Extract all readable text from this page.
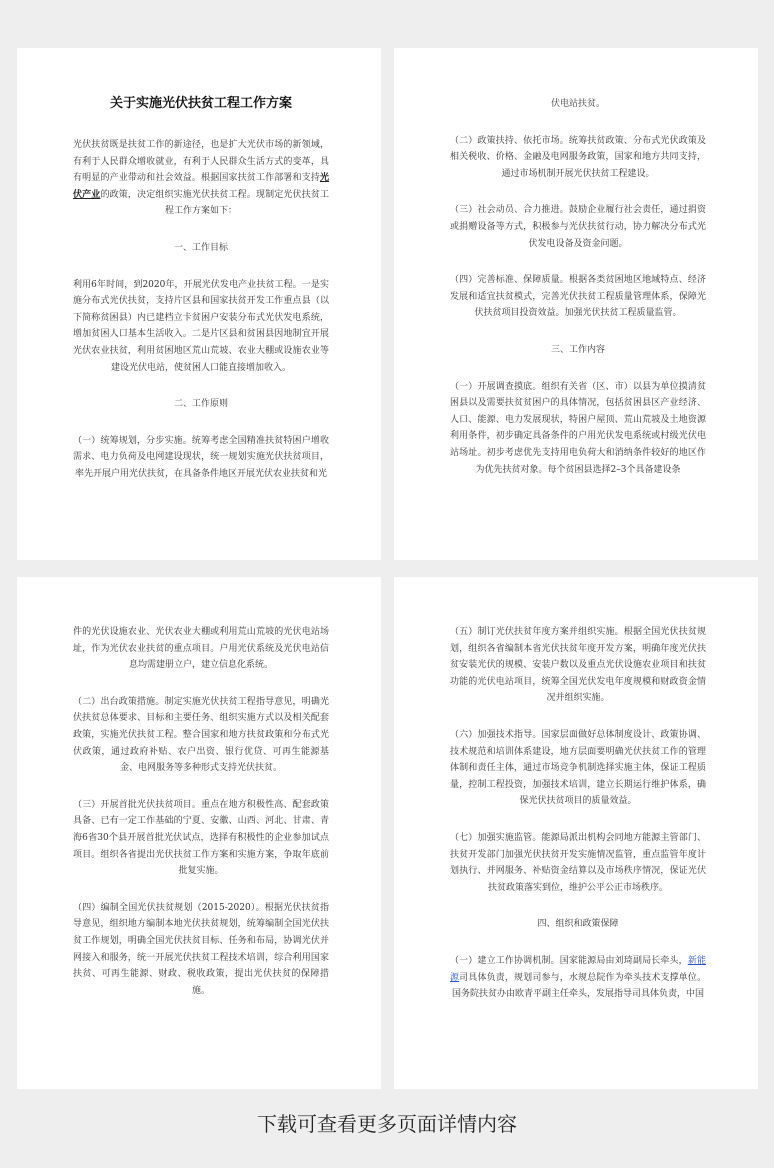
关于实施光伏扶贫工程工作方案
光伏扶贫既是扶贫工作的新途径，也是扩大光伏市场的新领域，有利于人民群众增收就业，有利于人民群众生活方式的变革，具有明显的产业带动和社会效益。根据国家扶贫工作部署和支持光伏产业的政策，决定组织实施光伏扶贫工程。现制定光伏扶贫工程工作方案如下：
一、工作目标
利用6年时间，到2020年，开展光伏发电产业扶贫工程。一是实施分布式光伏扶贫，支持片区县和国家扶贫开发工作重点县（以下简称贫困县）内已建档立卡贫困户安装分布式光伏发电系统，增加贫困人口基本生活收入。二是片区县和贫困县因地制宜开展光伏农业扶贫，利用贫困地区荒山荒坡、农业大棚或设施农业等建设光伏电站，使贫困人口能直接增加收入。
二、工作原则
（一）统筹规划，分步实施。统筹考虑全国精准扶贫特困户增收需求、电力负荷及电网建设现状，统一规划实施光伏扶贫项目，率先开展户用光伏扶贫，在具备条件地区开展光伏农业扶贫和光
伏电站扶贫。
（二）政策扶持、依托市场。统筹扶贫政策、分布式光伏政策及相关税收、价格、金融及电网服务政策，国家和地方共同支持，通过市场机制开展光伏扶贫工程建设。
（三）社会动员、合力推进。鼓励企业履行社会责任，通过捐资或捐赠设备等方式，积极参与光伏扶贫行动，协力解决分布式光伏发电设备及资金问题。
（四）完善标准、保障质量。根据各类贫困地区地域特点、经济发展和适宜扶贫模式，完善光伏扶贫工程质量管理体系，保障光伏扶贫项目投资效益。加强光伏扶贫工程质量监管。
三、工作内容
（一）开展调查摸底。组织有关省（区、市）以县为单位摸清贫困县以及需要扶贫贫困户的具体情况，包括贫困县区产业经济、人口、能源、电力发展现状，特困户屋顶、荒山荒坡及土地资源利用条件，初步确定具备条件的户用光伏发电系统或村级光伏电站场址。初步考虑优先支持用电负荷大和消纳条件较好的地区作为优先扶贫对象。每个贫困县选择2–3个具备建设条
件的光伏设施农业、光伏农业大棚或利用荒山荒坡的光伏电站场址，作为光伏农业扶贫的重点项目。户用光伏系统及光伏电站信息均需建册立户，建立信息化系统。
（二）出台政策措施。制定实施光伏扶贫工程指导意见，明确光伏扶贫总体要求、目标和主要任务、组织实施方式以及相关配套政策，实施光伏扶贫工程。整合国家和地方扶贫政策和分布式光伏政策，通过政府补贴、农户出资、银行优贷、可再生能源基金、电网服务等多种形式支持光伏扶贫。
（三）开展首批光伏扶贫项目。重点在地方积极性高、配套政策具备、已有一定工作基础的宁夏、安徽、山西、河北、甘肃、青海6省30个县开展首批光伏试点，选择有积极性的企业参加试点项目。组织各省提出光伏扶贫工作方案和实施方案，争取年底前批复实施。
（四）编制全国光伏扶贫规划（2015-2020）。根据光伏扶贫指导意见，组织地方编制本地光伏扶贫规划，统筹编制全国光伏扶贫工作规划，明确全国光伏扶贫目标、任务和布局，协调光伏并网接入和服务，统一开展光伏扶贫工程技术培训，综合利用国家扶贫、可再生能源、财政、税收政策，提出光伏扶贫的保障措施。
（五）制订光伏扶贫年度方案并组织实施。根据全国光伏扶贫规划，组织各省编制本省光伏扶贫年度开发方案，明确年度光伏扶贫安装光伏的规模、安装户数以及重点光伏设施农业项目和扶贫功能的光伏电站项目，统筹全国光伏发电年度规模和财政资金情况并组织实施。
（六）加强技术指导。国家层面做好总体制度设计、政策协调、技术规范和培训体系建设，地方层面要明确光伏扶贫工作的管理体制和责任主体，通过市场竞争机制选择实施主体，保证工程质量，控制工程投资，加强技术培训，建立长期运行维护体系，确保光伏扶贫项目的质量效益。
（七）加强实施监管。能源局派出机构会同地方能源主管部门、扶贫开发部门加强光伏扶贫开发实施情况监管，重点监管年度计划执行、并网服务、补贴资金结算以及市场秩序情况，保证光伏扶贫政策落实到位，维护公平公正市场秩序。
四、组织和政策保障
（一）建立工作协调机制。国家能源局由刘琦副局长牵头，新能源司具体负责，规划司参与，水规总院作为牵头技术支撑单位。国务院扶贫办由欧青平副主任牵头，发展指导司具体负责，中国
下载可查看更多页面详情内容
